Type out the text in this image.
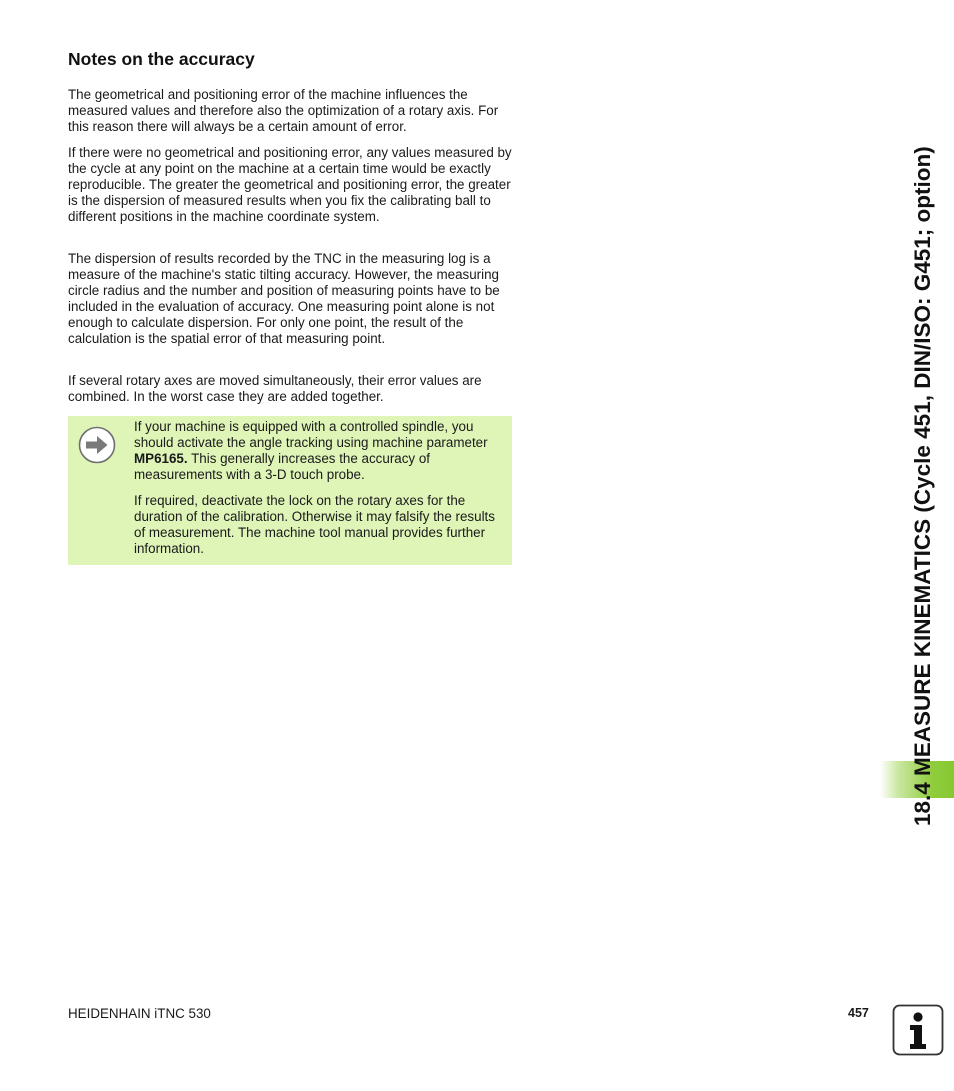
Notes on the accuracy

The geometrical and positioning error of the machine influences the measured values and therefore also the optimization of a rotary axis. For this reason there will always be a certain amount of error.

If there were no geometrical and positioning error, any values measured by the cycle at any point on the machine at a certain time would be exactly reproducible. The greater the geometrical and positioning error, the greater is the dispersion of measured results when you fix the calibrating ball to different positions in the machine coordinate system.

The dispersion of results recorded by the TNC in the measuring log is a measure of the machine's static tilting accuracy. However, the measuring circle radius and the number and position of measuring points have to be included in the evaluation of accuracy. One measuring point alone is not enough to calculate dispersion. For only one point, the result of the calculation is the spatial error of that measuring point.

If several rotary axes are moved simultaneously, their error values are combined. In the worst case they are added together.

If your machine is equipped with a controlled spindle, you should activate the angle tracking using machine parameter MP6165. This generally increases the accuracy of measurements with a 3-D touch probe.

If required, deactivate the lock on the rotary axes for the duration of the calibration. Otherwise it may falsify the results of measurement. The machine tool manual provides further information.	18.4 MEASURE KINEMATICS (Cycle 451, DIN/ISO: G451; option)
HEIDENHAIN iTNC 530	457
